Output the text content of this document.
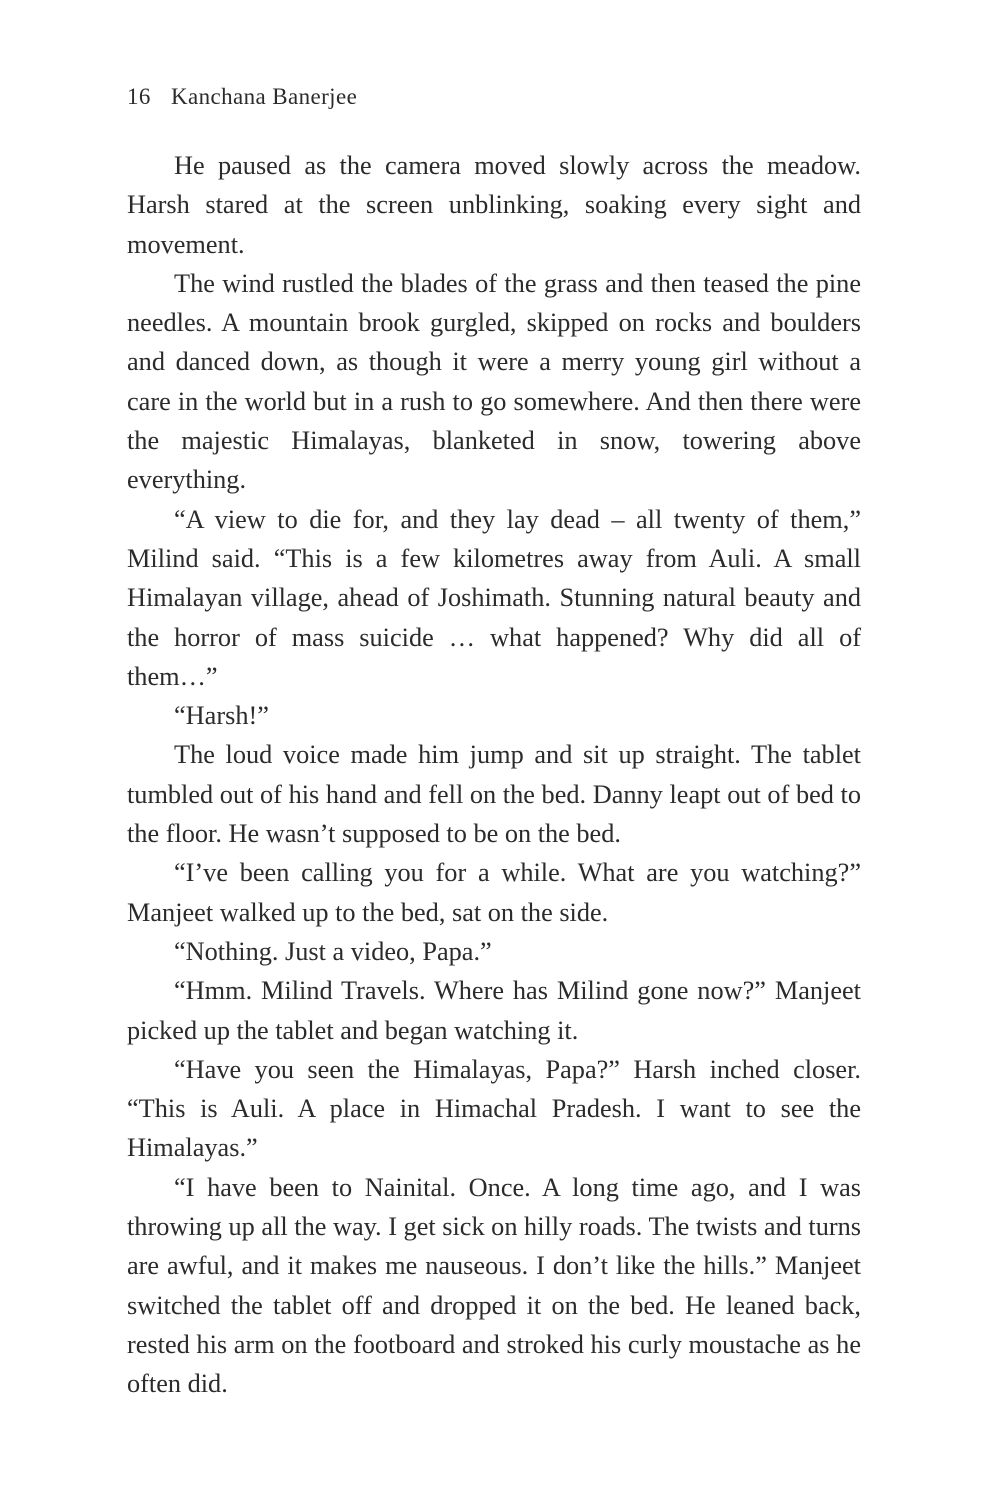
16 Kanchana Banerjee

He paused as the camera moved slowly across the meadow. Harsh stared at the screen unblinking, soaking every sight and movement.

The wind rustled the blades of the grass and then teased the pine needles. A mountain brook gurgled, skipped on rocks and boulders and danced down, as though it were a merry young girl without a care in the world but in a rush to go somewhere. And then there were the majestic Himalayas, blanketed in snow, towering above everything.

“A view to die for, and they lay dead – all twenty of them,” Milind said. “This is a few kilometres away from Auli. A small Himalayan village, ahead of Joshimath. Stunning natural beauty and the horror of mass suicide … what happened? Why did all of them…”

“Harsh!”

The loud voice made him jump and sit up straight. The tablet tumbled out of his hand and fell on the bed. Danny leapt out of bed to the floor. He wasn’t supposed to be on the bed.

“I’ve been calling you for a while. What are you watching?” Manjeet walked up to the bed, sat on the side.

“Nothing. Just a video, Papa.”

“Hmm. Milind Travels. Where has Milind gone now?” Manjeet picked up the tablet and began watching it.

“Have you seen the Himalayas, Papa?” Harsh inched closer. “This is Auli. A place in Himachal Pradesh. I want to see the Himalayas.”

“I have been to Nainital. Once. A long time ago, and I was throwing up all the way. I get sick on hilly roads. The twists and turns are awful, and it makes me nauseous. I don’t like the hills.” Manjeet switched the tablet off and dropped it on the bed. He leaned back, rested his arm on the footboard and stroked his curly moustache as he often did.
